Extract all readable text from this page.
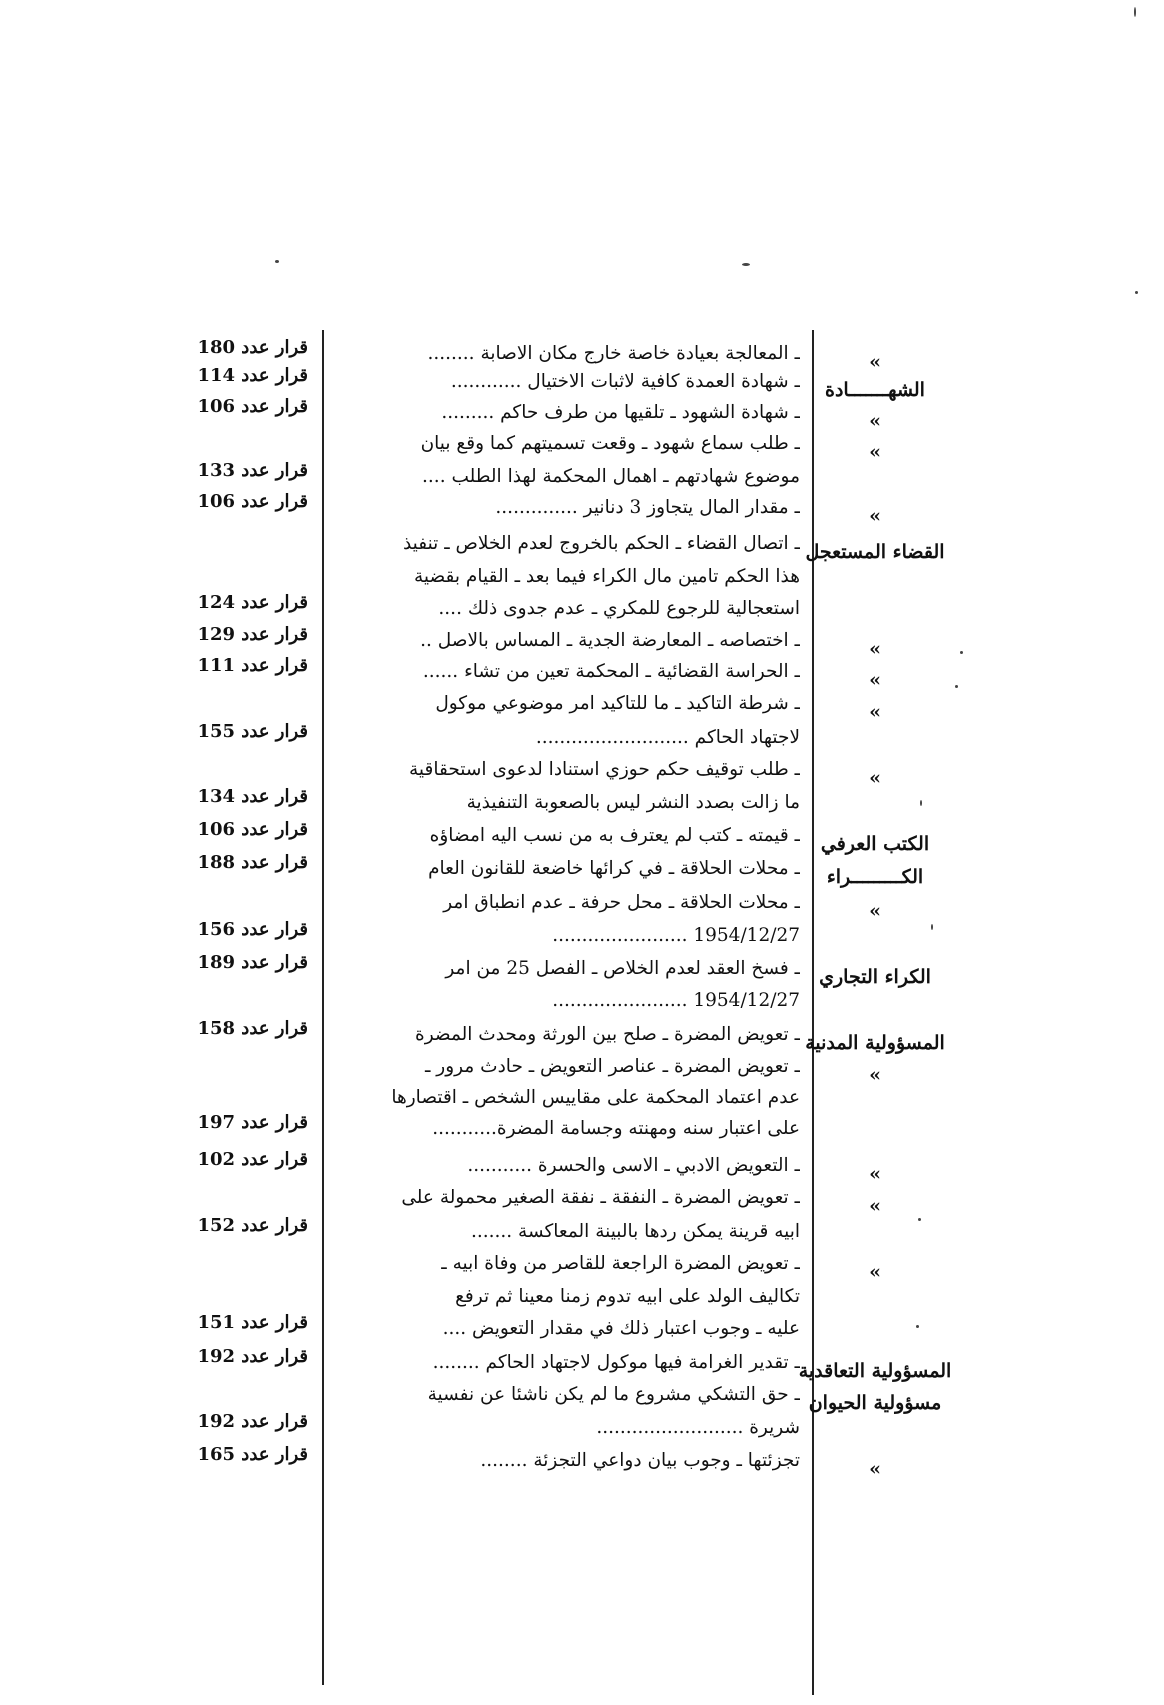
»
ـ المعالجة بعيادة خاصة خارج مكان الاصابة ........
قرار عدد 180
الشهـــــــادة
ـ شهادة العمدة كافية لاثبات الاختيال ............
قرار عدد 114
»
ـ شهادة الشهود ـ تلقيها من طرف حاكم .........
قرار عدد 106
»
ـ طلب سماع شهود ـ وقعت تسميتهم كما وقع بيان
موضوع شهادتهم ـ اهمال المحكمة لهذا الطلب ....
قرار عدد 133
»
ـ مقدار المال يتجاوز 3 دنانير ..............
قرار عدد 106
القضاء المستعجل
ـ اتصال القضاء ـ الحكم بالخروج لعدم الخلاص ـ تنفيذ
هذا الحكم تامين مال الكراء فيما بعد ـ القيام بقضية
استعجالية للرجوع للمكري ـ عدم جدوى ذلك ....
قرار عدد 124
»
ـ اختصاصه ـ المعارضة الجدية ـ المساس بالاصل ..
قرار عدد 129
»
ـ الحراسة القضائية ـ المحكمة تعين من تشاء ......
قرار عدد 111
»
ـ شرطة التاكيد ـ ما للتاكيد امر موضوعي موكول
لاجتهاد الحاكم ..........................
قرار عدد 155
»
ـ طلب توقيف حكم حوزي استنادا لدعوى استحقاقية
ما زالت بصدد النشر ليس بالصعوبة التنفيذية
قرار عدد 134
الكتب العرفي
ـ قيمته ـ كتب لم يعترف به من نسب اليه امضاؤه
قرار عدد 106
الكـــــــــراء
ـ محلات الحلاقة ـ في كرائها خاضعة للقانون العام
قرار عدد 188
»
ـ محلات الحلاقة ـ محل حرفة ـ عدم انطباق امر
1954/12/27 .......................
قرار عدد 156
الكراء التجاري
ـ فسخ العقد لعدم الخلاص ـ الفصل 25 من امر
قرار عدد 189
1954/12/27 .......................
المسؤولية المدنية
ـ تعويض المضرة ـ صلح بين الورثة ومحدث المضرة
قرار عدد 158
»
ـ تعويض المضرة ـ عناصر التعويض ـ حادث مرور ـ
عدم اعتماد المحكمة على مقاييس الشخص ـ اقتصارها
على اعتبار سنه ومهنته وجسامة المضرة...........
قرار عدد 197
»
ـ التعويض الادبي ـ الاسى والحسرة ...........
قرار عدد 102
»
ـ تعويض المضرة ـ النفقة ـ نفقة الصغير محمولة على
ابيه قرينة يمكن ردها بالبينة المعاكسة .......
قرار عدد 152
»
ـ تعويض المضرة الراجعة للقاصر من وفاة ابيه ـ
تكاليف الولد على ابيه تدوم زمنا معينا ثم ترفع
عليه ـ وجوب اعتبار ذلك في مقدار التعويض ....
قرار عدد 151
المسؤولية التعاقدية
ـ تقدير الغرامة فيها موكول لاجتهاد الحاكم ........
قرار عدد 192
مسؤولية الحيوان
ـ حق التشكي مشروع ما لم يكن ناشئا عن نفسية
شريرة .........................
قرار عدد 192
»
تجزئتها ـ وجوب بيان دواعي التجزئة ........
قرار عدد 165
